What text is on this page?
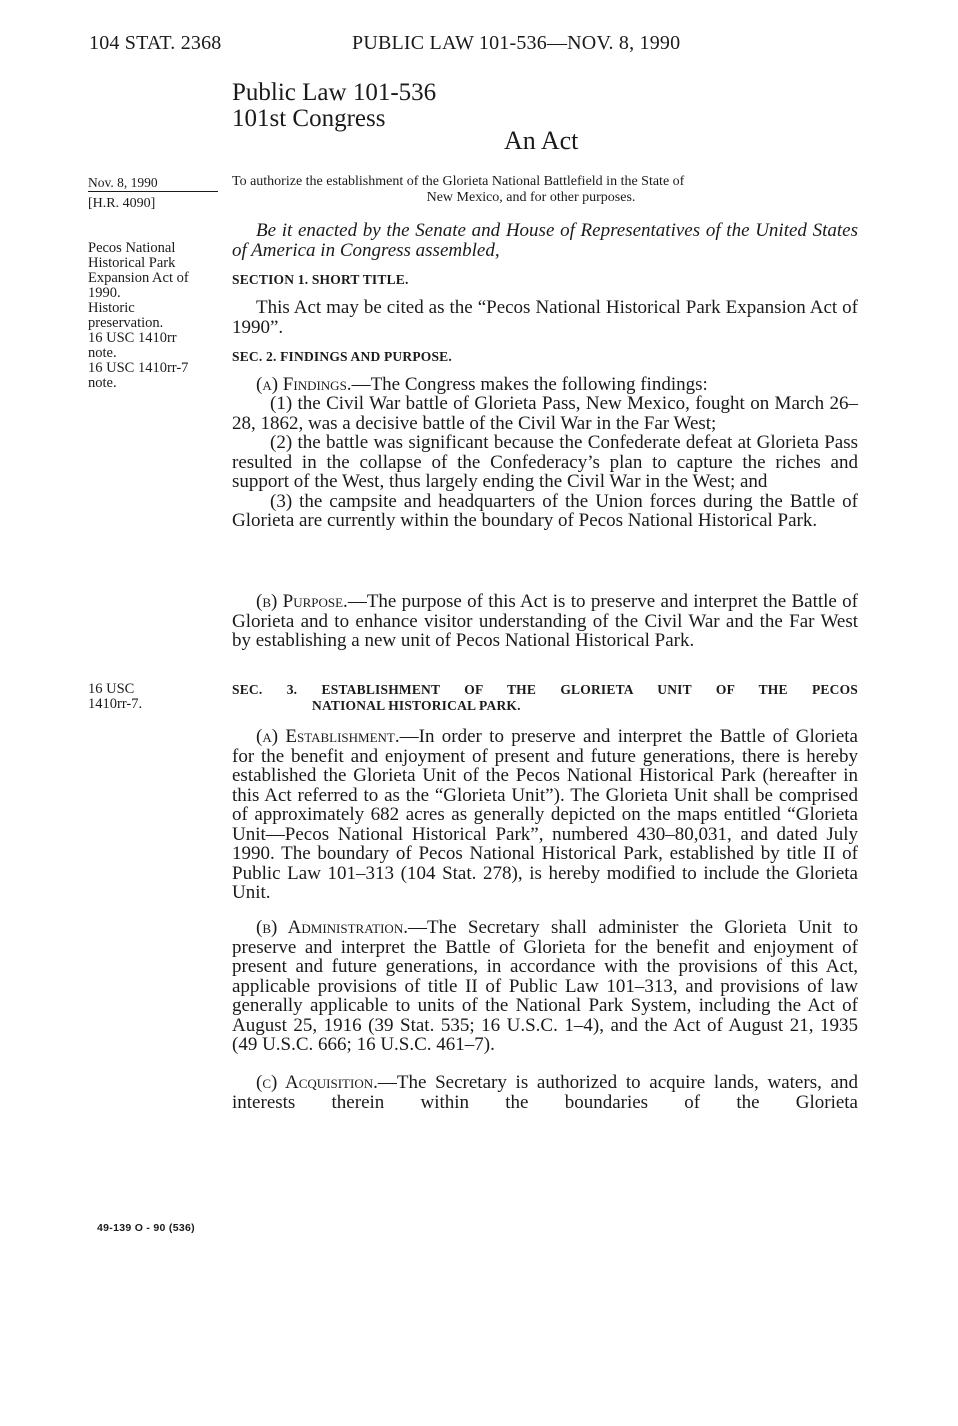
104 STAT. 2368	PUBLIC LAW 101-536—NOV. 8, 1990
Public Law 101-536
101st Congress
An Act
Nov. 8, 1990
[H.R. 4090]
Pecos National
Historical Park
Expansion Act of
1990.
Historic
preservation.
16 USC 1410rr
note.
16 USC 1410rr-7
note.
16 USC
1410rr-7.
To authorize the establishment of the Glorieta National Battlefield in the State of
New Mexico, and for other purposes.
Be it enacted by the Senate and House of Representatives of the United States of America in Congress assembled,
SECTION 1. SHORT TITLE.
This Act may be cited as the “Pecos National Historical Park Expansion Act of 1990”.
SEC. 2. FINDINGS AND PURPOSE.
(a) Findings.—The Congress makes the following findings:
(1) the Civil War battle of Glorieta Pass, New Mexico, fought on March 26–28, 1862, was a decisive battle of the Civil War in the Far West;
(2) the battle was significant because the Confederate defeat at Glorieta Pass resulted in the collapse of the Confederacy’s plan to capture the riches and support of the West, thus largely ending the Civil War in the West; and
(3) the campsite and headquarters of the Union forces during the Battle of Glorieta are currently within the boundary of Pecos National Historical Park.
(b) Purpose.—The purpose of this Act is to preserve and interpret the Battle of Glorieta and to enhance visitor understanding of the Civil War and the Far West by establishing a new unit of Pecos National Historical Park.
SEC. 3. ESTABLISHMENT OF THE GLORIETA UNIT OF THE PECOS
NATIONAL HISTORICAL PARK.
(a) Establishment.—In order to preserve and interpret the Battle of Glorieta for the benefit and enjoyment of present and future generations, there is hereby established the Glorieta Unit of the Pecos National Historical Park (hereafter in this Act referred to as the “Glorieta Unit”). The Glorieta Unit shall be comprised of approximately 682 acres as generally depicted on the maps entitled “Glorieta Unit—Pecos National Historical Park”, numbered 430–80,031, and dated July 1990. The boundary of Pecos National Historical Park, established by title II of Public Law 101–313 (104 Stat. 278), is hereby modified to include the Glorieta Unit.
(b) Administration.—The Secretary shall administer the Glorieta Unit to preserve and interpret the Battle of Glorieta for the benefit and enjoyment of present and future generations, in accordance with the provisions of this Act, applicable provisions of title II of Public Law 101–313, and provisions of law generally applicable to units of the National Park System, including the Act of August 25, 1916 (39 Stat. 535; 16 U.S.C. 1–4), and the Act of August 21, 1935 (49 U.S.C. 666; 16 U.S.C. 461–7).
(c) Acquisition.—The Secretary is authorized to acquire lands, waters, and interests therein within the boundaries of the Glorieta
49-139 O - 90 (536)
